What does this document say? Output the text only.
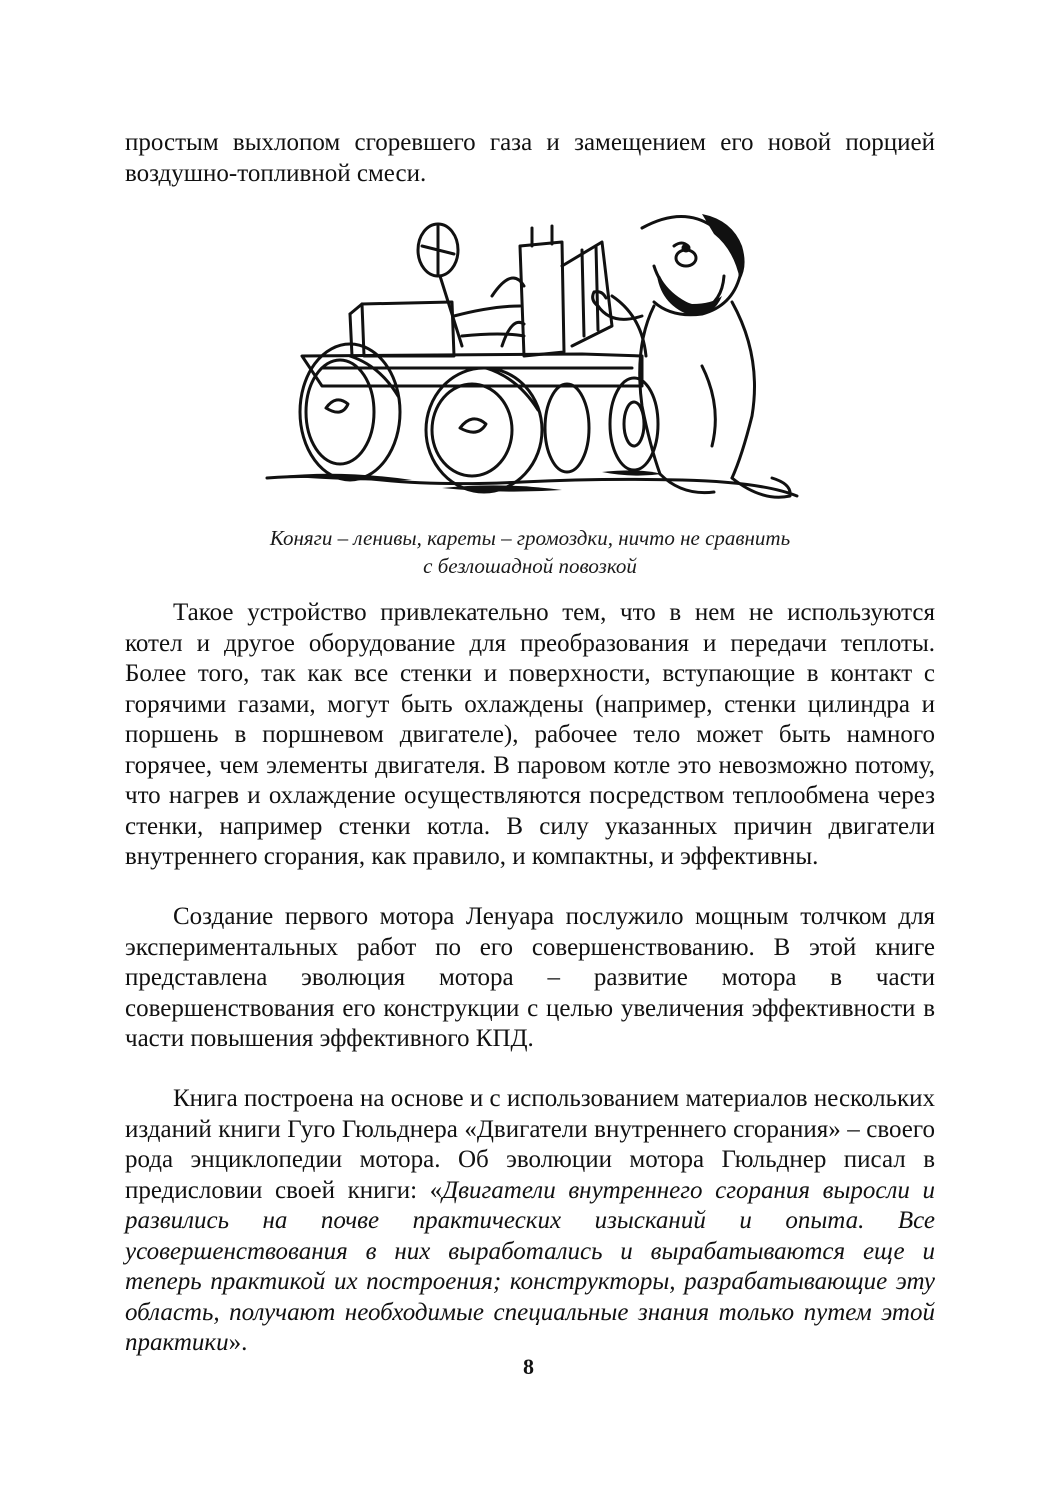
простым выхлопом сгоревшего газа и замещением его новой порцией воздушно-топливной смеси.

Коняги – ленивы, кареты – громоздки, ничто не сравнить
с безлошадной повозкой

Такое устройство привлекательно тем, что в нем не используются котел и другое оборудование для преобразования и передачи теплоты. Более того, так как все стенки и поверхности, вступающие в контакт с горячими газами, могут быть охлаждены (например, стенки цилиндра и поршень в поршневом двигателе), рабочее тело может быть намного горячее, чем элементы двигателя. В паровом котле это невозможно потому, что нагрев и охлаждение осуществляются посредством теплообмена через стенки, например стенки котла. В силу указанных причин двигатели внутреннего сгорания, как правило, и компактны, и эффективны.

Создание первого мотора Ленуара послужило мощным толчком для экспериментальных работ по его совершенствованию. В этой книге представлена эволюция мотора – развитие мотора в части совершенствования его конструкции с целью увеличения эффективности в части повышения эффективного КПД.

Книга построена на основе и с использованием материалов нескольких изданий книги Гуго Гюльднера «Двигатели внутреннего сгорания» – своего рода энциклопедии мотора. Об эволюции мотора Гюльднер писал в предисловии своей книги: «Двигатели внутреннего сгорания выросли и развились на почве практических изысканий и опыта. Все усовершенствования в них выработались и вырабатываются еще и теперь практикой их построения; конструкторы, разрабатывающие эту область, получают необходимые специальные знания только путем этой практики».

8
